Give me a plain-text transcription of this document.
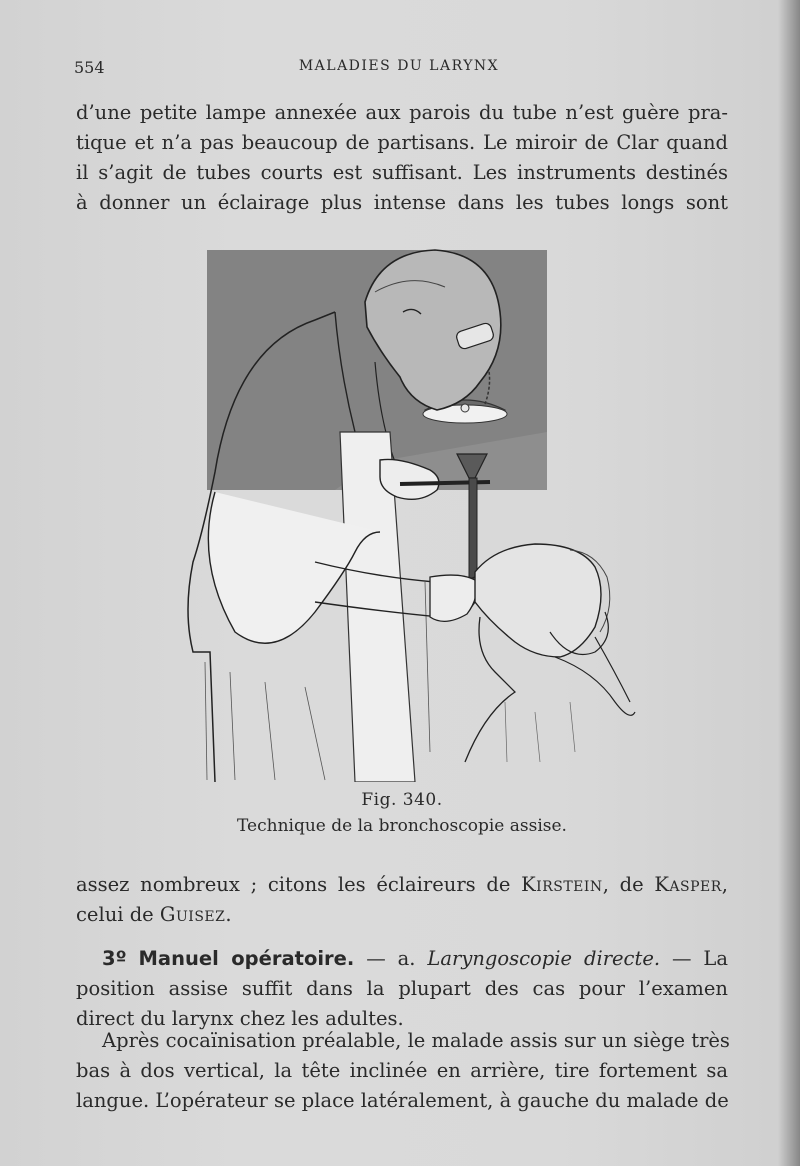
554	MALADIES DU LARYNX
d’une petite lampe annexée aux parois du tube n’est guère pra-
tique et n’a pas beaucoup de partisans. Le miroir de Clar quand
il s’agit de tubes courts est suffisant. Les instruments destinés
à donner un éclairage plus intense dans les tubes longs sont
Fig. 340.
Technique de la bronchoscopie assise.
assez nombreux ; citons les éclaireurs de Kirstein, de Kasper,
celui de Guisez.
3º Manuel opératoire. — a. Laryngoscopie directe. — La
position assise suffit dans la plupart des cas pour l’examen
direct du larynx chez les adultes.
Après cocaïnisation préalable, le malade assis sur un siège très
bas à dos vertical, la tête inclinée en arrière, tire fortement sa
langue. L’opérateur se place latéralement, à gauche du malade de
